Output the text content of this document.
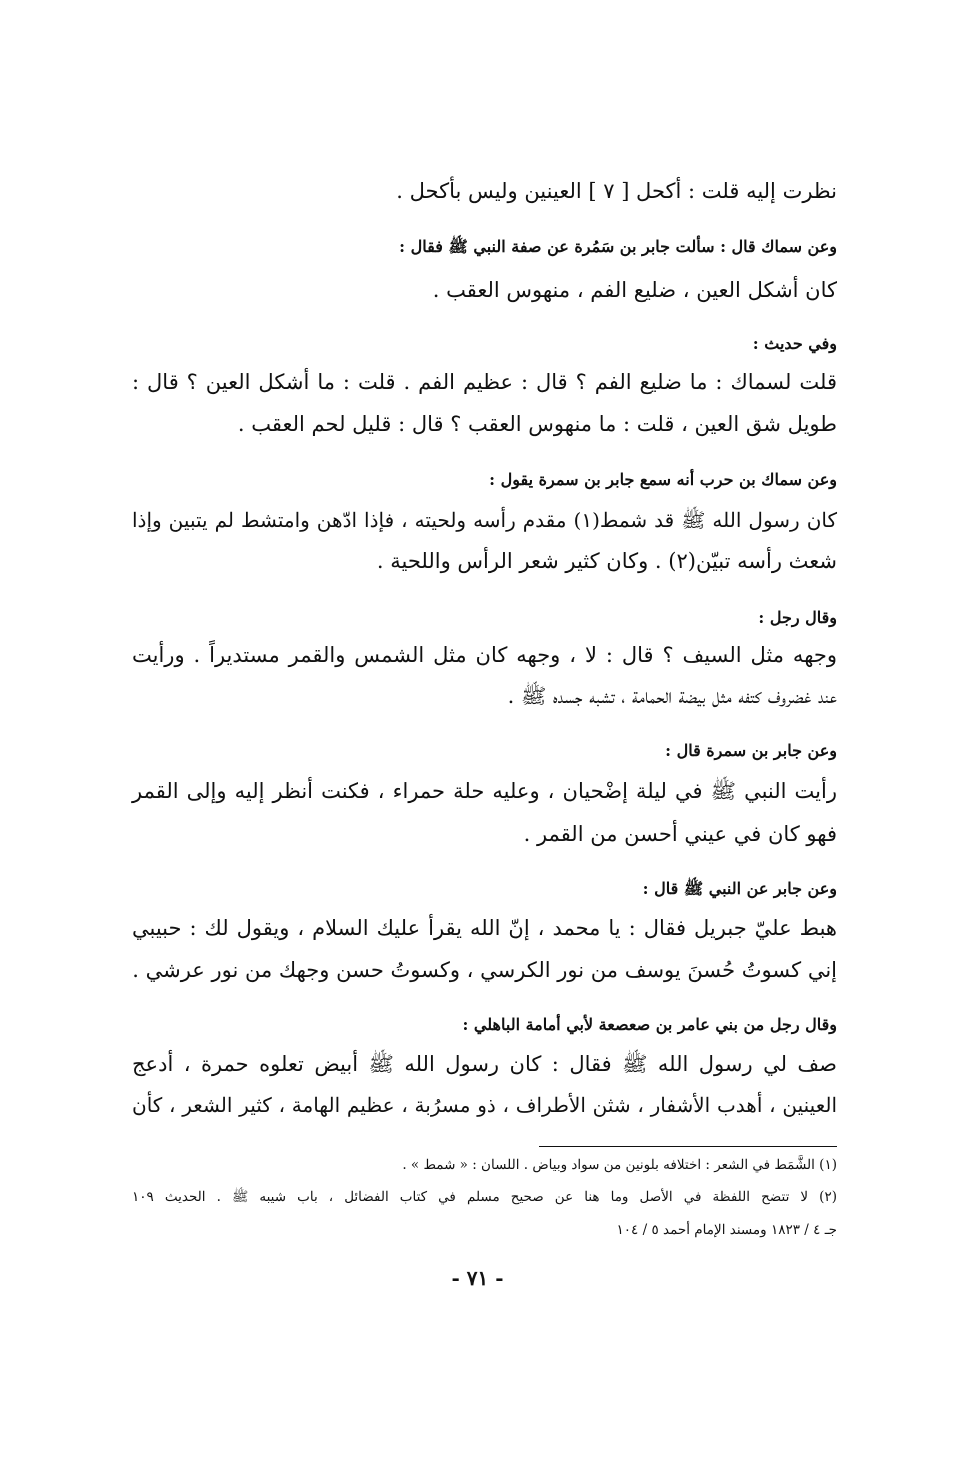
نظرت إليه قلت : أكحل [ ٧ ] العينين وليس بأكحل .
وعن سماك قال : سألت جابر بن سَمُرة عن صفة النبي ﷺ فقال :
كان أشكل العين ، ضليع الفم ، منهوس العقب .
وفي حديث :
قلت لسماك : ما ضليع الفم ؟ قال : عظيم الفم . قلت : ما أشكل العين ؟ قال :
طويل شق العين ، قلت : ما منهوس العقب ؟ قال : قليل لحم العقب .
وعن سماك بن حرب أنه سمع جابر بن سمرة يقول :
كان رسول الله ﷺ قد شمط(١) مقدم رأسه ولحيته ، فإذا ادّهن وامتشط لم يتبين وإذا
شعث رأسه تبيّن(٢) . وكان كثير شعر الرأس واللحية .
وقال رجل :
وجهه مثل السيف ؟ قال : لا ، وجهه كان مثل الشمس والقمر مستديراً . ورأيت
عند غضروف كتفه مثل بيضة الحمامة ، تشبه جسده ﷺ .
وعن جابر بن سمرة قال :
رأيت النبي ﷺ في ليلة إضْحيان ، وعليه حلة حمراء ، فكنت أنظر إليه وإلى القمر
فهو كان في عيني أحسن من القمر .
وعن جابر عن النبي ﷺ قال :
هبط عليّ جبريل فقال : يا محمد ، إنّ الله يقرأ عليك السلام ، ويقول لك : حبيبي
إني كسوتُ حُسنَ يوسف من نور الكرسي ، وكسوتُ حسن وجهك من نور عرشي .
وقال رجل من بني عامر بن صعصعة لأبي أمامة الباهلي :
صف لي رسول الله ﷺ فقال : كان رسول الله ﷺ أبيض تعلوه حمرة ، أدعج
العينين ، أهدب الأشفار ، شثن الأطراف ، ذو مسرُبة ، عظيم الهامة ، كثير الشعر ، كأن
(١) الشَّمَط في الشعر : اختلافه بلونين من سواد وبياض . اللسان : « شمط » .
(٢) لا تتضح اللفظة في الأصل وما هنا عن صحيح مسلم في كتاب الفضائل ، باب شيبه ﷺ . الحديث ١٠٩
جـ ٤ / ١٨٢٣ ومسند الإمام أحمد ٥ / ١٠٤
- ٧١ -
